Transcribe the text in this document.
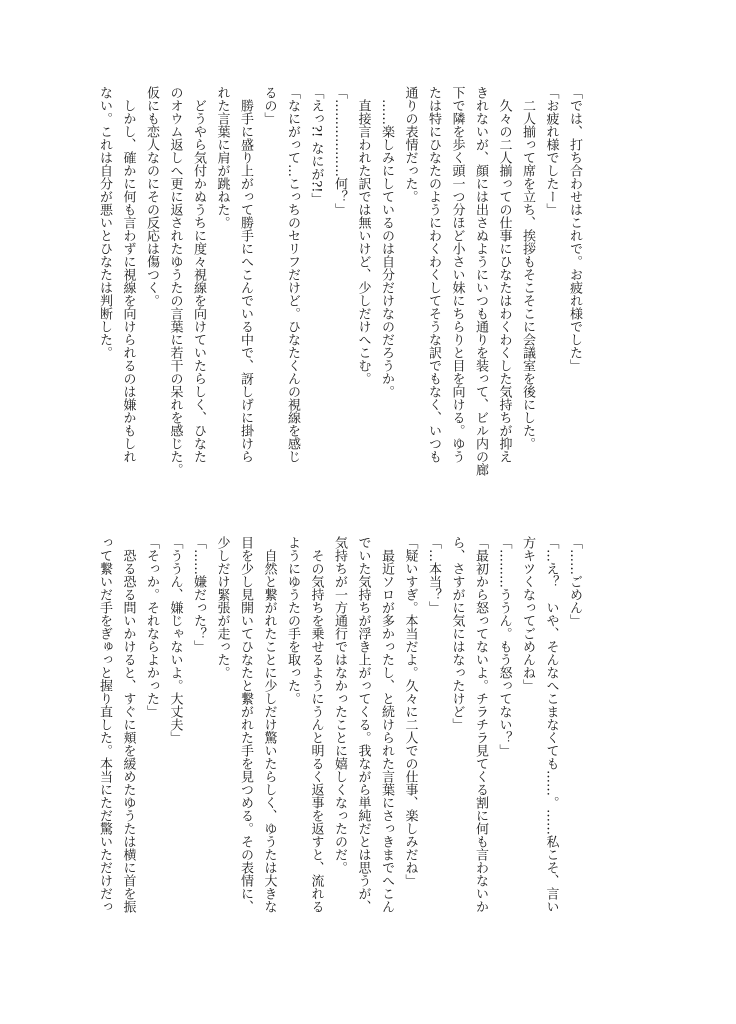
「では、打ち合わせはこれで。お疲れ様でした」
「お疲れ様でしたー」
　二人揃って席を立ち、挨拶もそこそこに会議室を後にした。
　久々の二人揃っての仕事にひなたはわくわくした気持ちが抑え
きれないが、顔には出さぬようにいつも通りを装って、ビル内の廊
下で隣を歩く頭一つ分ほど小さい妹にちらりと目を向ける。ゆう
たは特にひなたのようにわくわくしてそうな訳でもなく、いつも
通りの表情だった。
　……楽しみにしているのは自分だけなのだろうか。
　直接言われた訳では無いけど、少しだけへこむ。
「………………何？」
「えっ?! なにが?!」
「なにがって…こっちのセリフだけど。ひなたくんの視線を感じ
るの」
　勝手に盛り上がって勝手にへこんでいる中で、訝しげに掛けら
れた言葉に肩が跳ねた。
　どうやら気付かぬうちに度々視線を向けていたらしく、ひなた
のオウム返しへ更に返されたゆうたの言葉に若干の呆れを感じた。
仮にも恋人なのにその反応は傷つく。
　しかし、確かに何も言わずに視線を向けられるのは嫌かもしれ
ない。これは自分が悪いとひなたは判断した。
「……ごめん」
「…え？　いや、そんなへこまなくても……。……私こそ、言い
方キツくなってごめんね」
「………ううん。もう怒ってない？」
「最初から怒ってないよ。チラチラ見てくる割に何も言わないか
ら、さすがに気にはなったけど」
「…本当？」
「疑いすぎ。本当だよ。久々に二人での仕事、楽しみだね」
　最近ソロが多かったし、と続けられた言葉にさっきまでへこん
でいた気持ちが浮き上がってくる。我ながら単純だとは思うが、
気持ちが一方通行ではなかったことに嬉しくなったのだ。
　その気持ちを乗せるようにうんと明るく返事を返すと、流れる
ようにゆうたの手を取った。
　自然と繋がれたことに少しだけ驚いたらしく、ゆうたは大きな
目を少し見開いてひなたと繋がれた手を見つめる。その表情に、
少しだけ緊張が走った。
「……嫌だった？」
「ううん、嫌じゃないよ。大丈夫」
「そっか。それならよかった」
　恐る恐る問いかけると、すぐに頬を緩めたゆうたは横に首を振
って繋いだ手をぎゅっと握り直した。本当にただ驚いただけだっ
